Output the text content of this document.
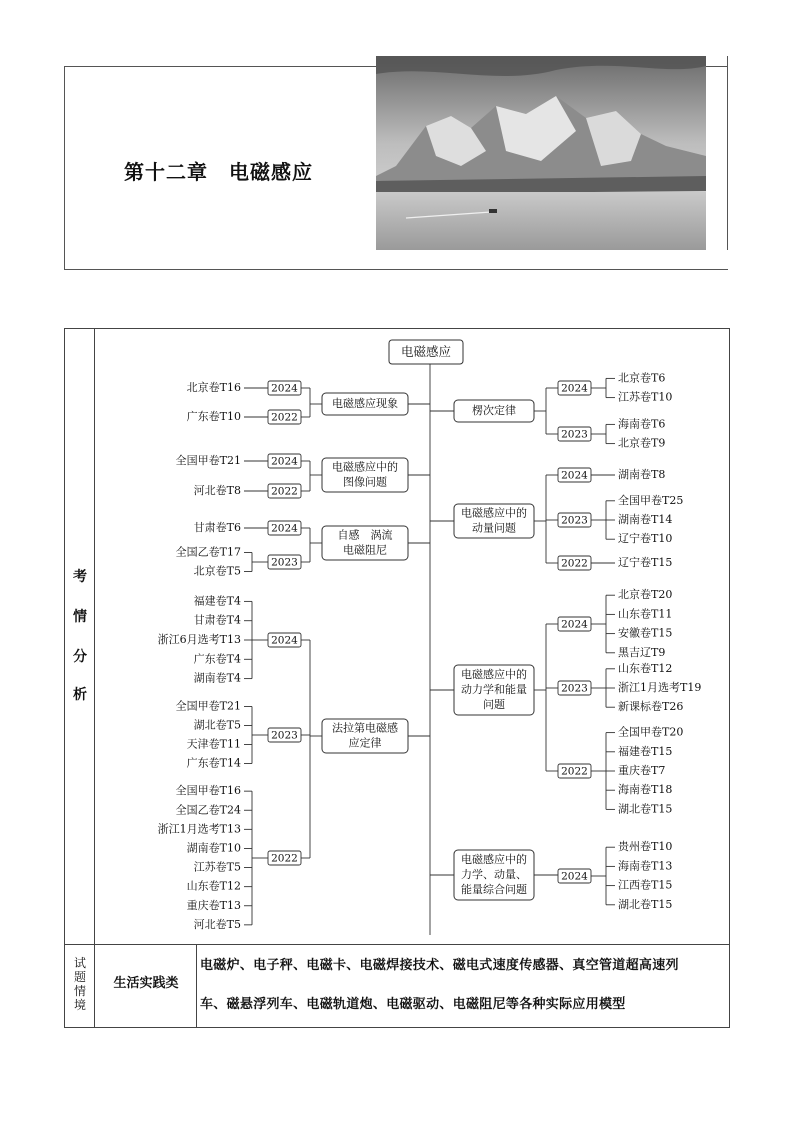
第十二章　电磁感应
考
情
分
析
试
题
情
境
生活实践类
电磁炉、电子秤、电磁卡、电磁焊接技术、磁电式速度传感器、真空管道超高速列
车、磁悬浮列车、电磁轨道炮、电磁驱动、电磁阻尼等各种实际应用模型
电磁感应
电磁感应现象
2024
北京卷T16
2022
广东卷T10
电磁感应中的
图像问题
2024
全国甲卷T21
2022
河北卷T8
自感　涡流
电磁阻尼
2024
甘肃卷T6
2023
全国乙卷T17
北京卷T5
法拉第电磁感
应定律
2024
福建卷T4
甘肃卷T4
浙江6月选考T13
广东卷T4
湖南卷T4
2023
全国甲卷T21
湖北卷T5
天津卷T11
广东卷T14
2022
全国甲卷T16
全国乙卷T24
浙江1月选考T13
湖南卷T10
江苏卷T5
山东卷T12
重庆卷T13
河北卷T5
楞次定律
2024
北京卷T6
江苏卷T10
2023
海南卷T6
北京卷T9
电磁感应中的
动量问题
2024	湖南卷T8
2023
全国甲卷T25
湖南卷T14
辽宁卷T10
2022	辽宁卷T15
电磁感应中的
动力学和能量
问题
2024
北京卷T20
山东卷T11
安徽卷T15
黑吉辽T9
2023
山东卷T12
浙江1月选考T19
新课标卷T26
2022
全国甲卷T20
福建卷T15
重庆卷T7
海南卷T18
湖北卷T15
电磁感应中的
力学、动量、
能量综合问题
2024
贵州卷T10
海南卷T13
江西卷T15
湖北卷T15
